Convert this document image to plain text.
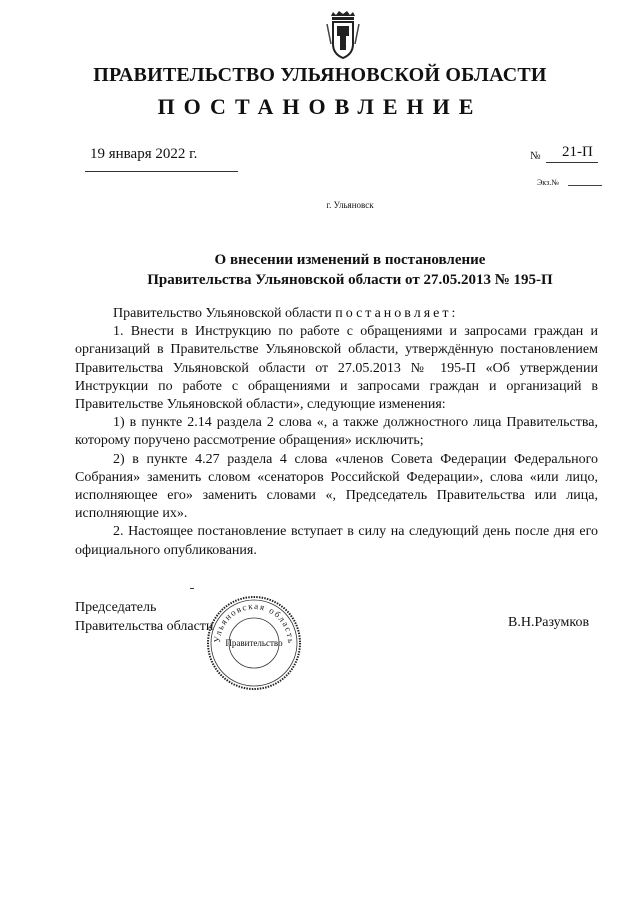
ПРАВИТЕЛЬСТВО УЛЬЯНОВСКОЙ ОБЛАСТИ
ПОСТАНОВЛЕНИЕ
19 января 2022 г.	№ 21-П
Экз.№
г. Ульяновск
О внесении изменений в постановление
Правительства Ульяновской области от 27.05.2013 № 195-П

Правительство Ульяновской области постановляет:

1. Внести в Инструкцию по работе с обращениями и запросами граждан и организаций в Правительстве Ульяновской области, утверждённую постановлением Правительства Ульяновской области от 27.05.2013 № 195-П «Об утверждении Инструкции по работе с обращениями и запросами граждан и организаций в Правительстве Ульяновской области», следующие изменения:

1) в пункте 2.14 раздела 2 слова «, а также должностного лица Правительства, которому поручено рассмотрение обращения» исключить;

2) в пункте 4.27 раздела 4 слова «членов Совета Федерации Федерального Собрания» заменить словом «сенаторов Российской Федерации», слова «или лицо, исполняющее его» заменить словами «, Председатель Правительства или лица, исполняющие их».

2. Настоящее постановление вступает в силу на следующий день после дня его официального опубликования.

Председатель
Правительства области	В.Н.Разумков
Ульяновская область
Правительство
